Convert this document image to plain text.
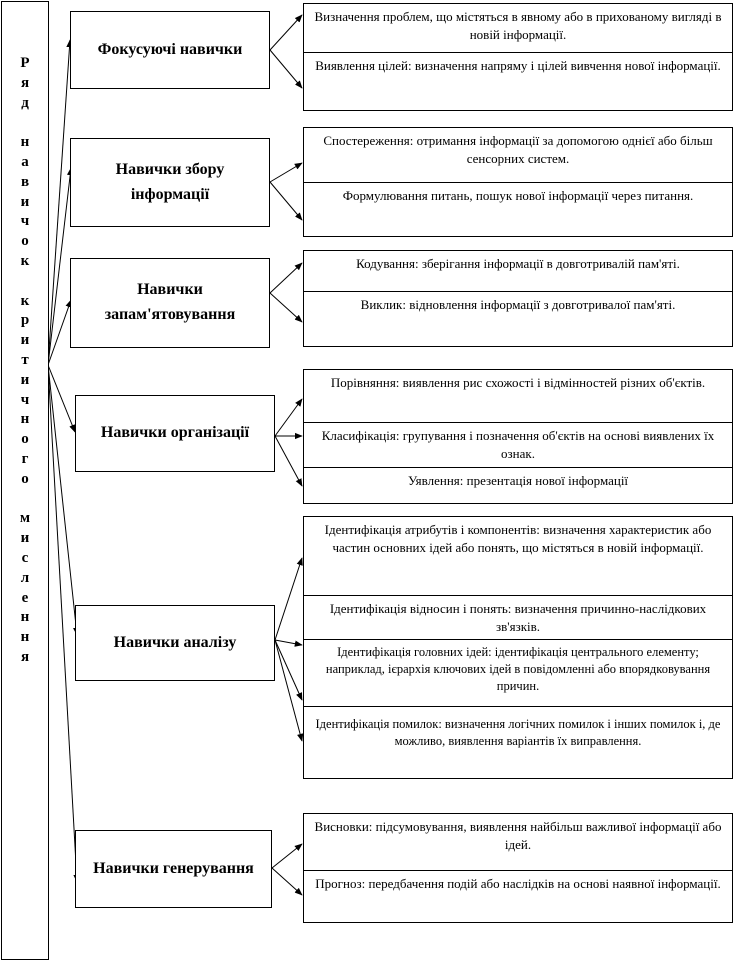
Р
я
д
н
а
в
и
ч
о
к
к
р
и
т
и
ч
н
о
г
о
м
и
с
л
е
н
н
я
Фокусуючі навички
Навички збору інформації
Навички запам'ятовування
Навички організації
Навички аналізу
Навички генерування
Визначення проблем, що містяться в явному або в прихованому вигляді в новій інформації.
Виявлення цілей: визначення напряму і цілей вивчення нової інформації.
Спостереження: отримання інформації за допомогою однієї або більш сенсорних систем.
Формулювання питань, пошук нової інформації через питання.
Кодування: зберігання інформації в довготривалій пам'яті.
Виклик: відновлення інформації з довготривалої пам'яті.
Порівняння: виявлення рис схожості і відмінностей різних об'єктів.
Класифікація: групування і позначення об'єктів на основі виявлених їх ознак.
Уявлення: презентація нової інформації
Ідентифікація атрибутів і компонентів: визначення характеристик або частин основних ідей або понять, що містяться в новій інформації.
Ідентифікація відносин і понять: визначення причинно-наслідкових зв'язків.
Ідентифікація головних ідей: ідентифікація центрального елементу; наприклад, ієрархія ключових ідей в повідомленні або впорядковування причин.
Ідентифікація помилок: визначення логічних помилок і інших помилок і, де можливо, виявлення варіантів їх виправлення.
Висновки: підсумовування, виявлення найбільш важливої інформації або ідей.
Прогноз: передбачення подій або наслідків на основі наявної інформації.
